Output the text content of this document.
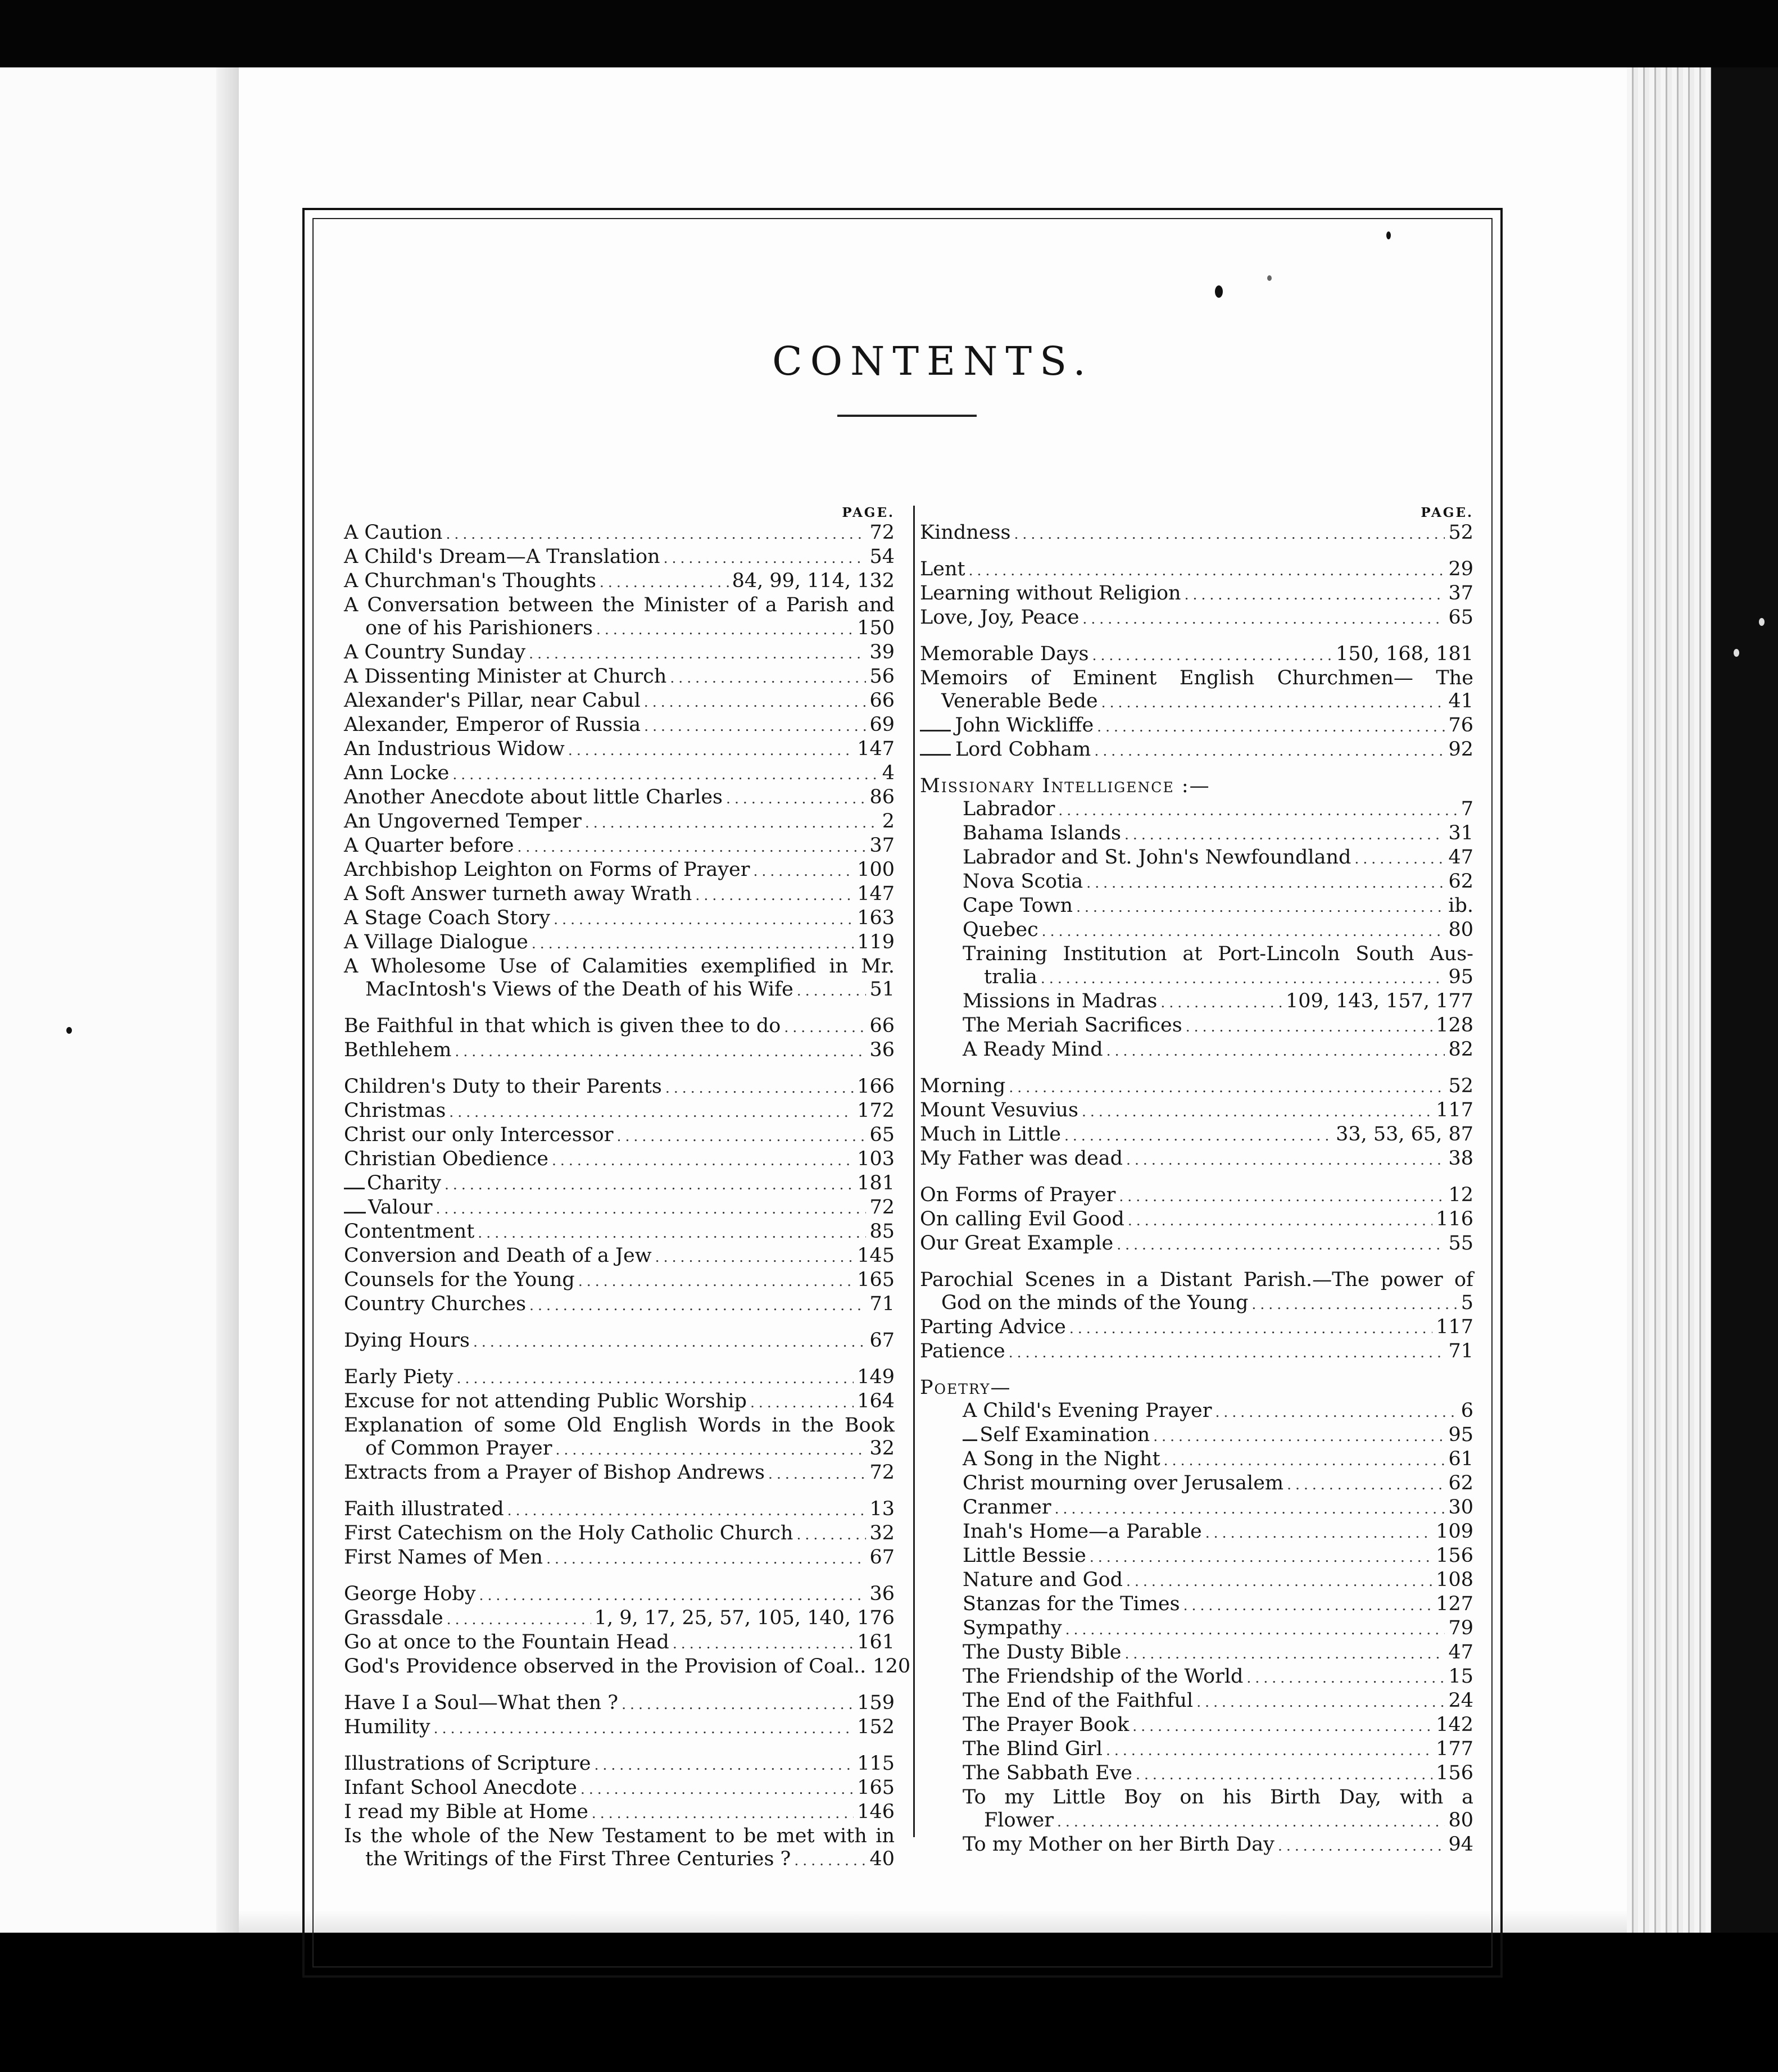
CONTENTS.
PAGE.
A Caution .....	72
A Child's Dream—A Translation .....	54
A Churchman's Thoughts .....	84, 99, 114, 132
A Conversation between the Minister of a Parish and
one of his Parishioners .....	150
A Country Sunday .....	39
A Dissenting Minister at Church .....	56
Alexander's Pillar, near Cabul .....	66
Alexander, Emperor of Russia .....	69
An Industrious Widow .....	147
Ann Locke .....	4
Another Anecdote about little Charles .....	86
An Ungoverned Temper .....	2
A Quarter before .....	37
Archbishop Leighton on Forms of Prayer .....	100
A Soft Answer turneth away Wrath .....	147
A Stage Coach Story .....	163
A Village Dialogue .....	119
A Wholesome Use of Calamities exemplified in Mr.
MacIntosh's Views of the Death of his Wife .....	51
Be Faithful in that which is given thee to do .....	66
Bethlehem .....	36
Children's Duty to their Parents .....	166
Christmas .....	172
Christ our only Intercessor .....	65
Christian Obedience .....	103
Charity .....	181
Valour .....	72
Contentment .....	85
Conversion and Death of a Jew .....	145
Counsels for the Young .....	165
Country Churches .....	71
Dying Hours .....	67
Early Piety .....	149
Excuse for not attending Public Worship .....	164
Explanation of some Old English Words in the Book
of Common Prayer .....	32
Extracts from a Prayer of Bishop Andrews .....	72
Faith illustrated .....	13
First Catechism on the Holy Catholic Church .....	32
First Names of Men .....	67
George Hoby .....	36
Grassdale .....	1, 9, 17, 25, 57, 105, 140, 176
Go at once to the Fountain Head .....	161
God's Providence observed in the Provision of Coal.. 120
Have I a Soul—What then ? .....	159
Humility .....	152
Illustrations of Scripture .....	115
Infant School Anecdote .....	165
I read my Bible at Home .....	146
Is the whole of the New Testament to be met with in
the Writings of the First Three Centuries ? .....	40
PAGE.
Kindness .....	52
Lent .....	29
Learning without Religion .....	37
Love, Joy, Peace .....	65
Memorable Days .....	150, 168, 181
Memoirs of Eminent English Churchmen— The
Venerable Bede .....	41
John Wickliffe .....	76
Lord Cobham .....	92
Missionary Intelligence :—
Labrador .....	7
Bahama Islands .....	31
Labrador and St. John's Newfoundland .....	47
Nova Scotia .....	62
Cape Town .....	ib.
Quebec .....	80
Training Institution at Port-Lincoln South Aus-
tralia .....	95
Missions in Madras .....	109, 143, 157, 177
The Meriah Sacrifices .....	128
A Ready Mind .....	82
Morning .....	52
Mount Vesuvius .....	117
Much in Little .....	33, 53, 65, 87
My Father was dead .....	38
On Forms of Prayer .....	12
On calling Evil Good .....	116
Our Great Example .....	55
Parochial Scenes in a Distant Parish.—The power of
God on the minds of the Young .....	5
Parting Advice .....	117
Patience .....	71
Poetry—
A Child's Evening Prayer .....	6
Self Examination .....	95
A Song in the Night .....	61
Christ mourning over Jerusalem .....	62
Cranmer .....	30
Inah's Home—a Parable .....	109
Little Bessie .....	156
Nature and God .....	108
Stanzas for the Times .....	127
Sympathy .....	79
The Dusty Bible .....	47
The Friendship of the World .....	15
The End of the Faithful .....	24
The Prayer Book .....	142
The Blind Girl .....	177
The Sabbath Eve .....	156
To my Little Boy on his Birth Day, with a
Flower .....	80
To my Mother on her Birth Day .....	94
